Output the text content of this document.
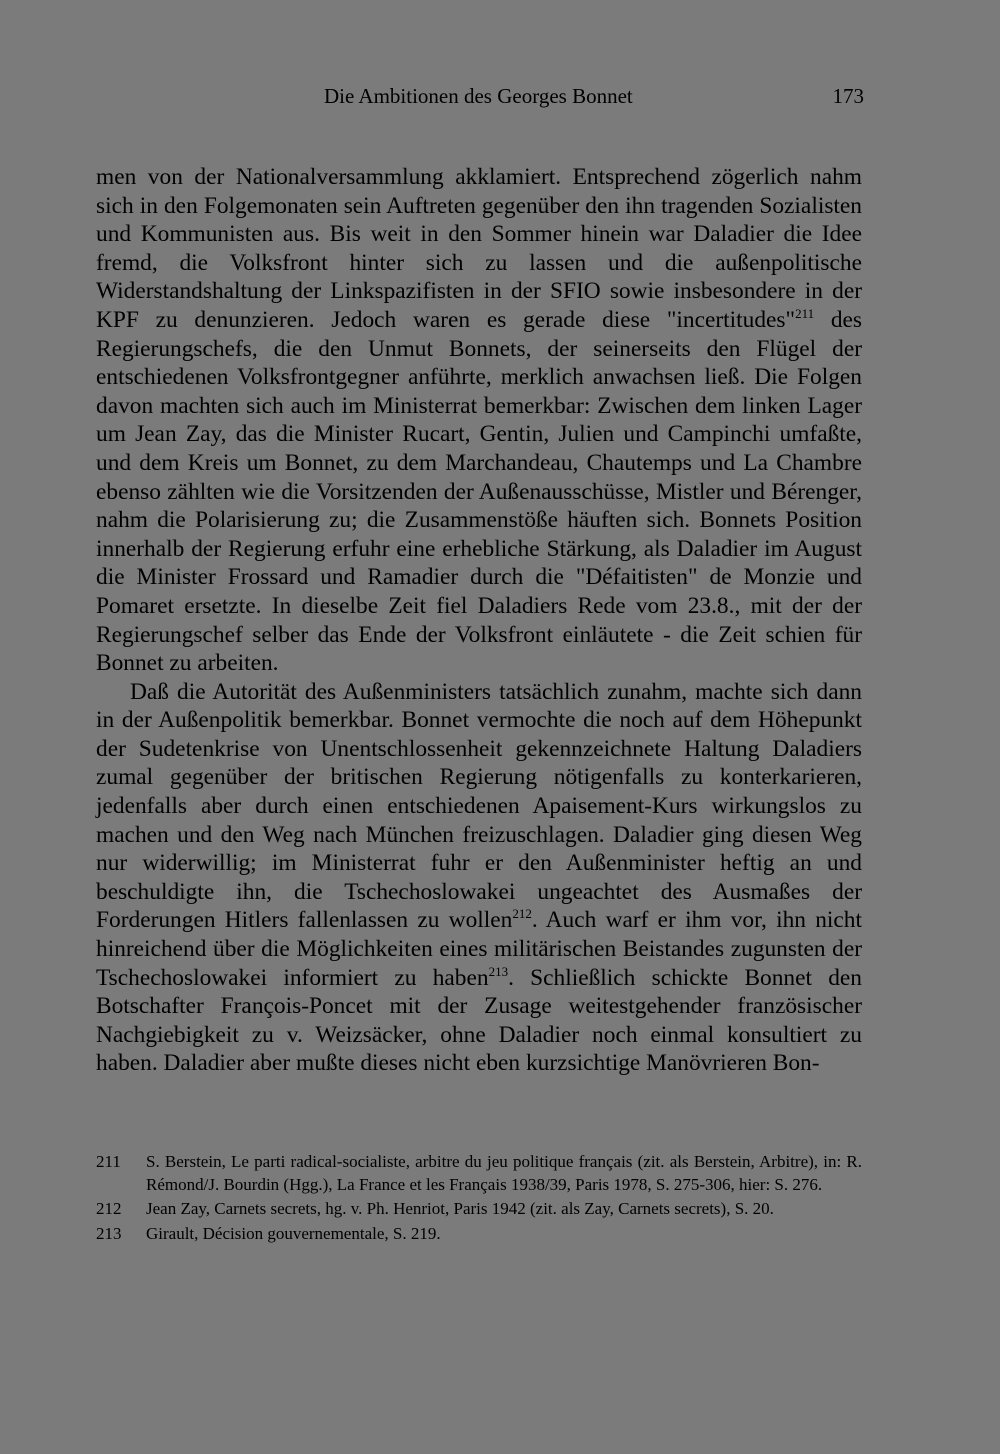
Die Ambitionen des Georges Bonnet	173

men von der Nationalversammlung akklamiert. Entsprechend zögerlich nahm sich in den Folgemonaten sein Auftreten gegenüber den ihn tragenden Sozialisten und Kommunisten aus. Bis weit in den Sommer hinein war Daladier die Idee fremd, die Volksfront hinter sich zu lassen und die außenpolitische Widerstandshaltung der Linkspazifisten in der SFIO sowie insbesondere in der KPF zu denunzieren. Jedoch waren es gerade diese "incertitudes"$^{211}$ des Regierungschefs, die den Unmut Bonnets, der seinerseits den Flügel der entschiedenen Volksfrontgegner anführte, merklich anwachsen ließ. Die Folgen davon machten sich auch im Ministerrat bemerkbar: Zwischen dem linken Lager um Jean Zay, das die Minister Rucart, Gentin, Julien und Campinchi umfaßte, und dem Kreis um Bonnet, zu dem Marchandeau, Chautemps und La Chambre ebenso zählten wie die Vorsitzenden der Außenausschüsse, Mistler und Bérenger, nahm die Polarisierung zu; die Zusammenstöße häuften sich. Bonnets Position innerhalb der Regierung erfuhr eine erhebliche Stärkung, als Daladier im August die Minister Frossard und Ramadier durch die "Défaitisten" de Monzie und Pomaret ersetzte. In dieselbe Zeit fiel Daladiers Rede vom 23.8., mit der der Regierungschef selber das Ende der Volksfront einläutete - die Zeit schien für Bonnet zu arbeiten.

Daß die Autorität des Außenministers tatsächlich zunahm, machte sich dann in der Außenpolitik bemerkbar. Bonnet vermochte die noch auf dem Höhepunkt der Sudetenkrise von Unentschlossenheit gekennzeichnete Haltung Daladiers zumal gegenüber der britischen Regierung nötigenfalls zu konterkarieren, jedenfalls aber durch einen entschiedenen Apaisement-Kurs wirkungslos zu machen und den Weg nach München freizuschlagen. Daladier ging diesen Weg nur widerwillig; im Ministerrat fuhr er den Außenminister heftig an und beschuldigte ihn, die Tschechoslowakei ungeachtet des Ausmaßes der Forderungen Hitlers fallenlassen zu wollen$^{212}$. Auch warf er ihm vor, ihn nicht hinreichend über die Möglichkeiten eines militärischen Beistandes zugunsten der Tschechoslowakei informiert zu haben$^{213}$. Schließlich schickte Bonnet den Botschafter François-Poncet mit der Zusage weitestgehender französischer Nachgiebigkeit zu v. Weizsäcker, ohne Daladier noch einmal konsultiert zu haben. Daladier aber mußte dieses nicht eben kurzsichtige Manövrieren Bon-

211	S. Berstein, Le parti radical-socialiste, arbitre du jeu politique français (zit. als Berstein, Arbitre), in: R. Rémond/J. Bourdin (Hgg.), La France et les Français 1938/39, Paris 1978, S. 275-306, hier: S. 276.
212	Jean Zay, Carnets secrets, hg. v. Ph. Henriot, Paris 1942 (zit. als Zay, Carnets secrets), S. 20.
213	Girault, Décision gouvernementale, S. 219.
